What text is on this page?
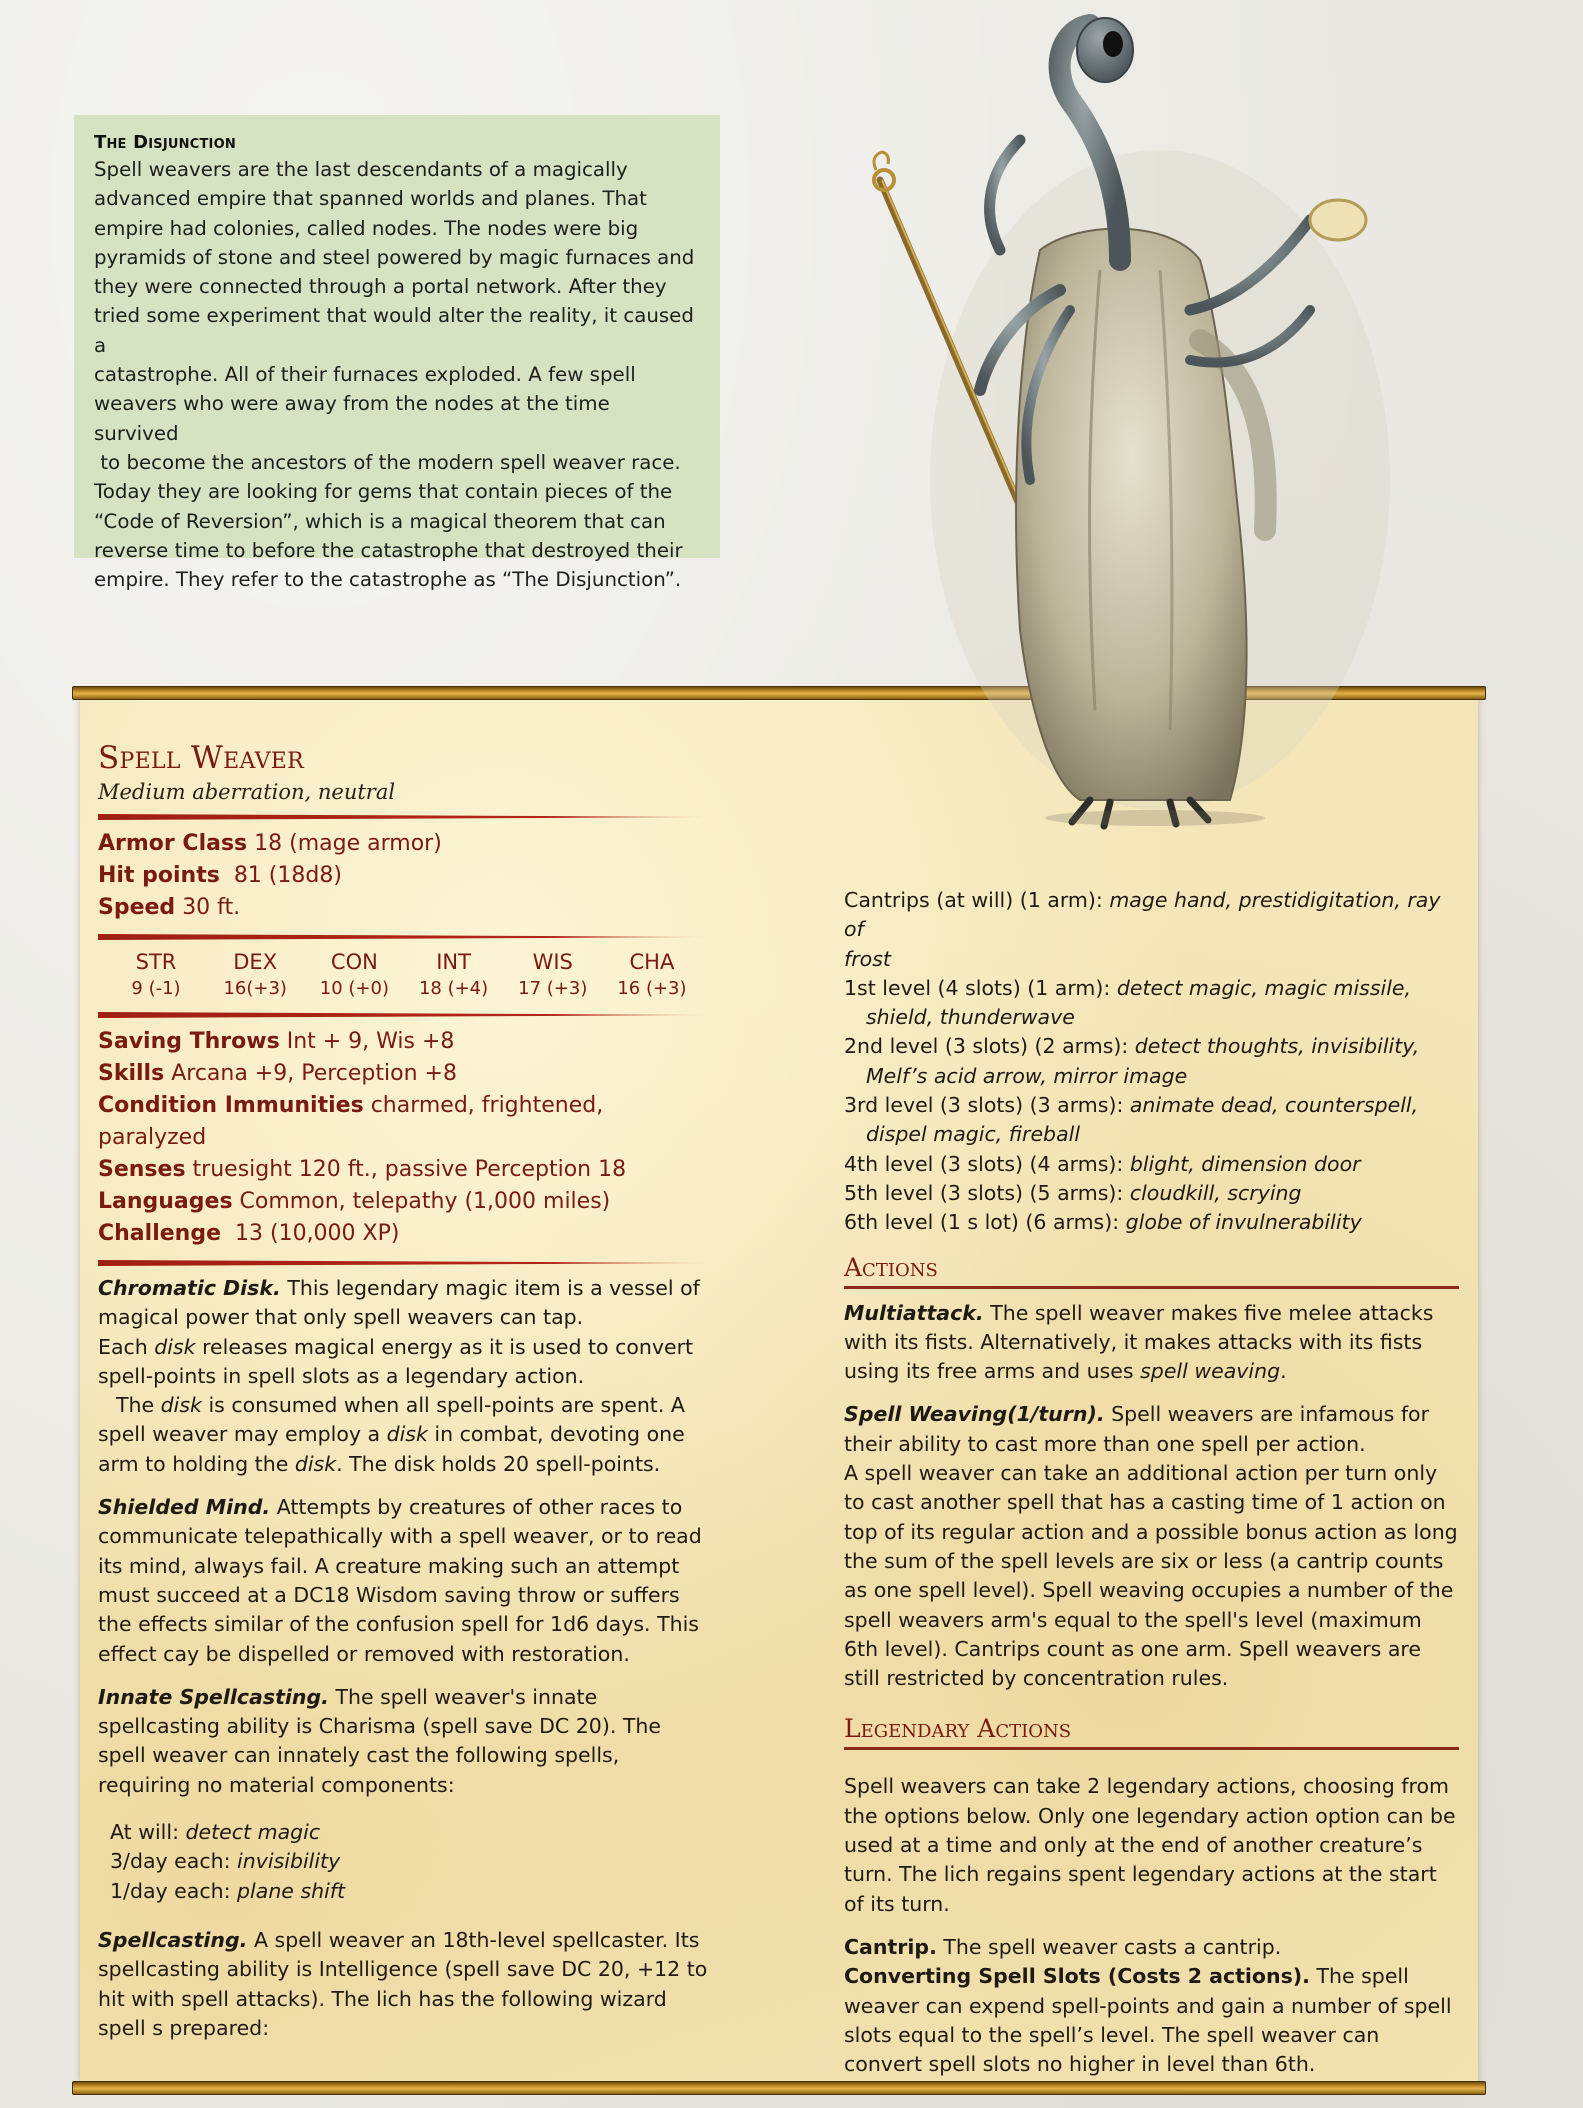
The Disjunction

Spell weavers are the last descendants of a magically

advanced empire that spanned worlds and planes. That

empire had colonies, called nodes. The nodes were big

pyramids of stone and steel powered by magic furnaces and

they were connected through a portal network. After they

tried some experiment that would alter the reality, it caused a

catastrophe. All of their furnaces exploded. A few spell

weavers who were away from the nodes at the time survived

to become the ancestors of the modern spell weaver race.

Today they are looking for gems that contain pieces of the

“Code of Reversion”, which is a magical theorem that can

reverse time to before the catastrophe that destroyed their

empire. They refer to the catastrophe as “The Disjunction”.

Spell Weaver
Medium aberration, neutral
Armor Class 18 (mage armor)
Hit points 81 (18d8)
Speed 30 ft.
STR
9 (-1)
DEX
16(+3)
CON
10 (+0)
INT
18 (+4)
WIS
17 (+3)
CHA
16 (+3)
Saving Throws Int + 9, Wis +8
Skills Arcana +9, Perception +8
Condition Immunities charmed, frightened, paralyzed
Senses truesight 120 ft., passive Perception 18
Languages Common, telepathy (1,000 miles)
Challenge 13 (10,000 XP)
Chromatic Disk. This legendary magic item is a vessel of magical power that only spell weavers can tap.
Each disk releases magical energy as it is used to convert spell-points in spell slots as a legendary action.
The disk is consumed when all spell-points are spent. A spell weaver may employ a disk in combat, devoting one arm to holding the disk. The disk holds 20 spell-points.
Shielded Mind. Attempts by creatures of other races to communicate telepathically with a spell weaver, or to read its mind, always fail. A creature making such an attempt must succeed at a DC18 Wisdom saving throw or suffers the effects similar of the confusion spell for 1d6 days. This effect cay be dispelled or removed with restoration.
Innate Spellcasting. The spell weaver's innate spellcasting ability is Charisma (spell save DC 20). The spell weaver can innately cast the following spells, requiring no material components:
At will: detect magic
3/day each: invisibility
1/day each: plane shift
Spellcasting. A spell weaver an 18th-level spellcaster. Its spellcasting ability is Intelligence (spell save DC 20, +12 to hit with spell attacks). The lich has the following wizard spell s prepared:
Cantrips (at will) (1 arm): mage hand, prestidigitation, ray of
frost
1st level (4 slots) (1 arm): detect magic, magic missile,
shield, thunderwave
2nd level (3 slots) (2 arms): detect thoughts, invisibility,
Melf’s acid arrow, mirror image
3rd level (3 slots) (3 arms): animate dead, counterspell,
dispel magic, fireball
4th level (3 slots) (4 arms): blight, dimension door
5th level (3 slots) (5 arms): cloudkill, scrying
6th level (1 s lot) (6 arms): globe of invulnerability
Actions
Multiattack. The spell weaver makes five melee attacks with its fists. Alternatively, it makes attacks with its fists using its free arms and uses spell weaving.
Spell Weaving(1/turn). Spell weavers are infamous for their ability to cast more than one spell per action.
A spell weaver can take an additional action per turn only to cast another spell that has a casting time of 1 action on top of its regular action and a possible bonus action as long the sum of the spell levels are six or less (a cantrip counts as one spell level). Spell weaving occupies a number of the spell weavers arm's equal to the spell's level (maximum 6th level). Cantrips count as one arm. Spell weavers are still restricted by concentration rules.
Legendary Actions
Spell weavers can take 2 legendary actions, choosing from the options below. Only one legendary action option can be used at a time and only at the end of another creature’s turn. The lich regains spent legendary actions at the start of its turn.
Cantrip. The spell weaver casts a cantrip.
Converting Spell Slots (Costs 2 actions). The spell weaver can expend spell-points and gain a number of spell slots equal to the spell’s level. The spell weaver can convert spell slots no higher in level than 6th.
